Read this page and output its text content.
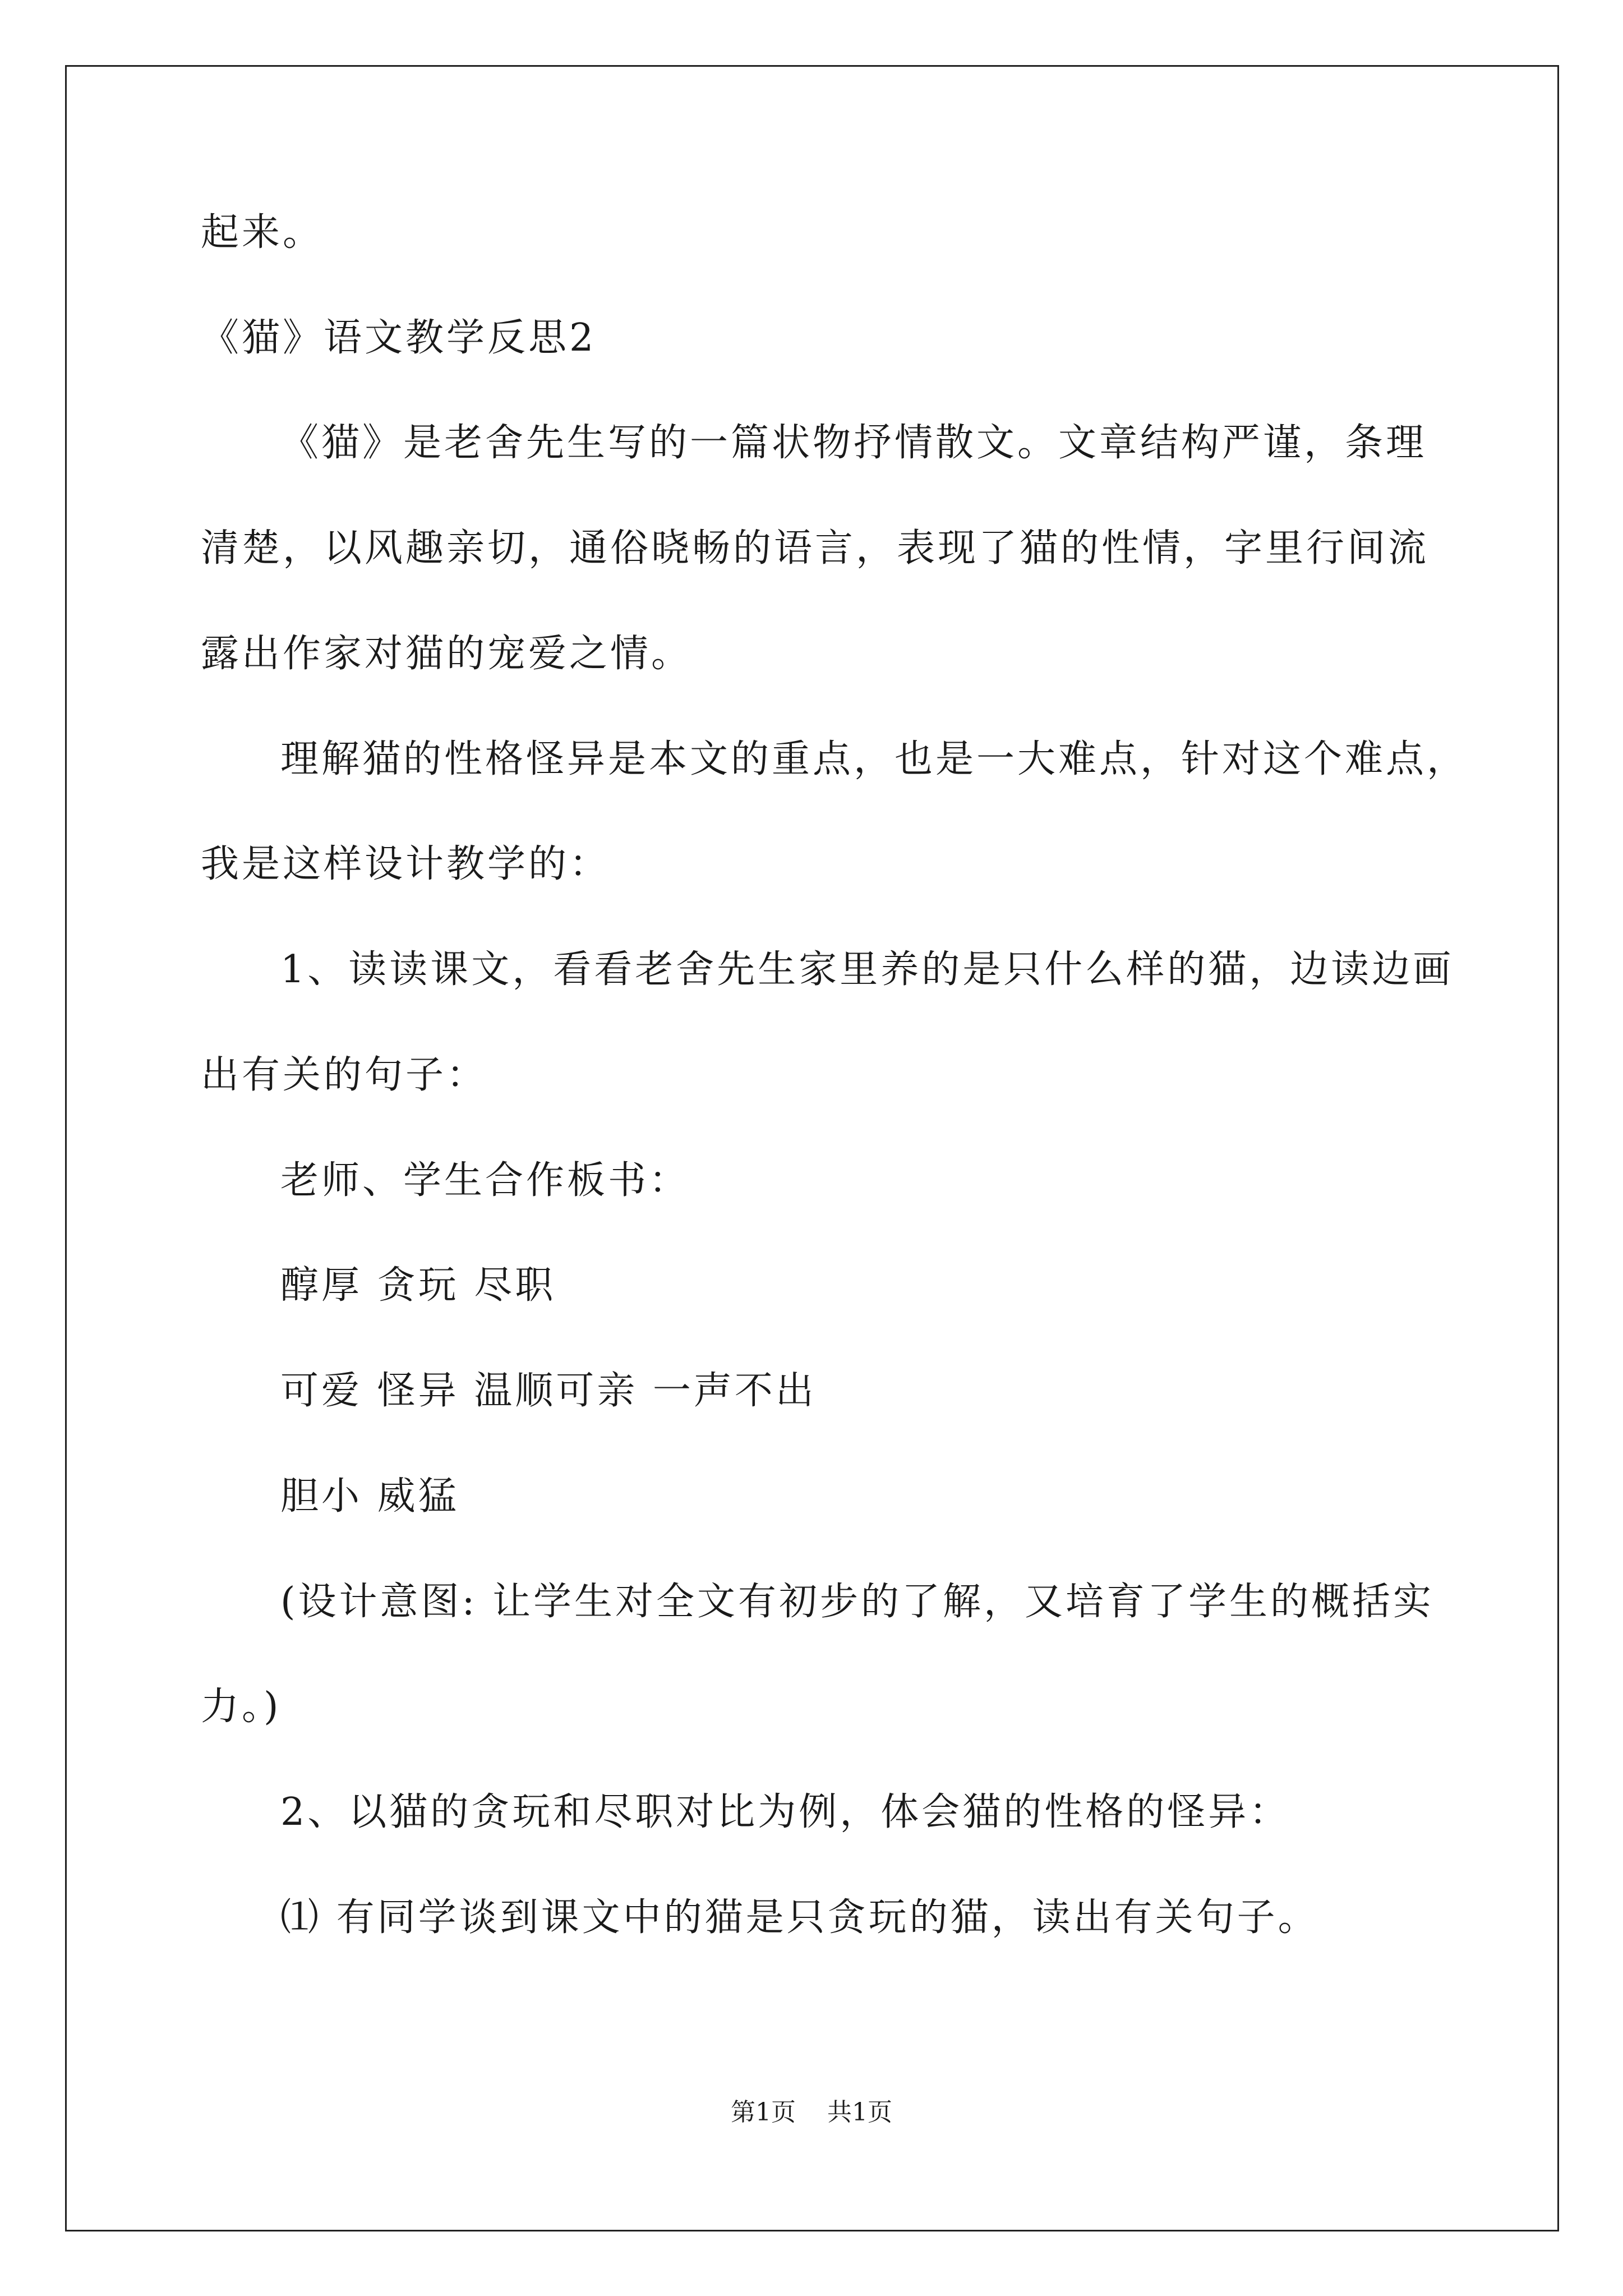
起来。
《猫》语文教学反思2
《猫》是老舍先生写的一篇状物抒情散文。文章结构严谨，条理
清楚，以风趣亲切，通俗晓畅的语言，表现了猫的性情，字里行间流
露出作家对猫的宠爱之情。
理解猫的性格怪异是本文的重点，也是一大难点，针对这个难点，
我是这样设计教学的：
1、读读课文，看看老舍先生家里养的是只什么样的猫，边读边画
出有关的句子：
老师、学生合作板书：
醇厚 贪玩 尽职
可爱 怪异 温顺可亲 一声不出
胆小 威猛
(设计意图: 让学生对全文有初步的了解，又培育了学生的概括实
力。)
2、以猫的贪玩和尽职对比为例，体会猫的性格的怪异：
⑴ 有同学谈到课文中的猫是只贪玩的猫，读出有关句子。
第1页    共1页
